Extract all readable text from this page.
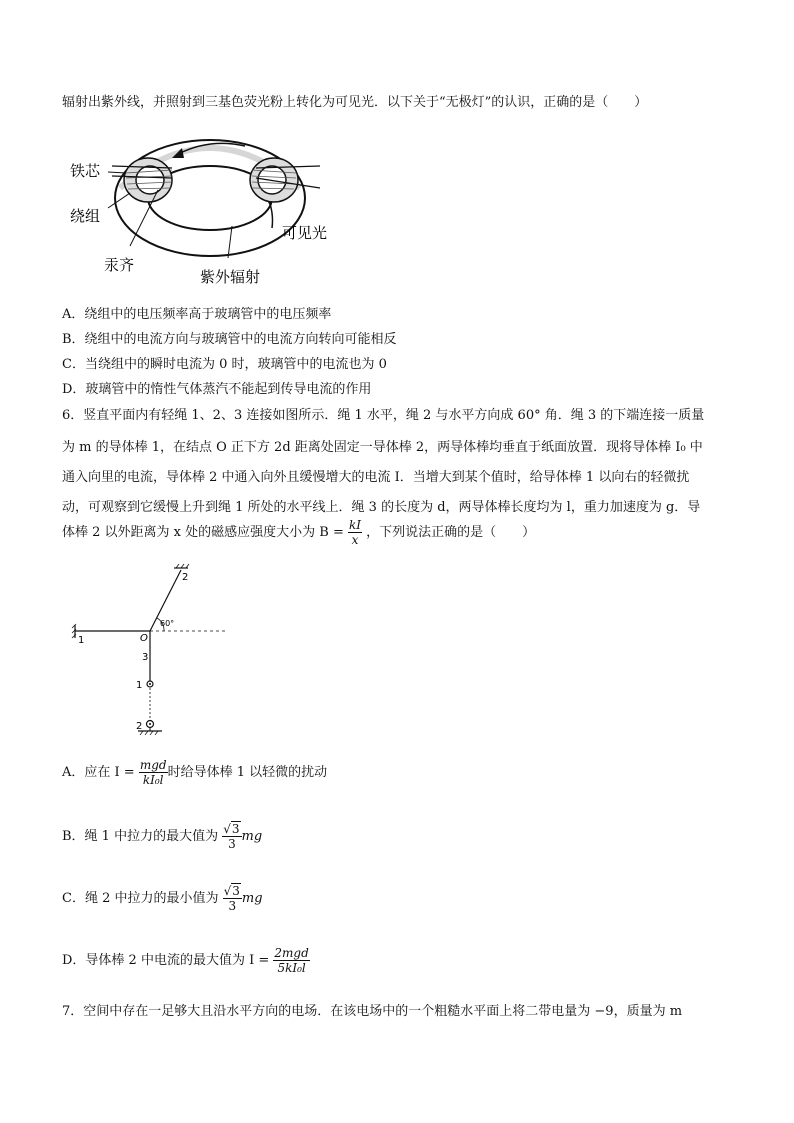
辐射出紫外线，并照射到三基色荧光粉上转化为可见光．以下关于“无极灯”的认识，正确的是（　　）
铁芯
绕组
汞齐
紫外辐射
可见光
A．绕组中的电压频率高于玻璃管中的电压频率
B．绕组中的电流方向与玻璃管中的电流方向转向可能相反
C．当绕组中的瞬时电流为 0 时，玻璃管中的电流也为 0
D．玻璃管中的惰性气体蒸汽不能起到传导电流的作用
6．竖直平面内有轻绳 1、2、3 连接如图所示．绳 1 水平，绳 2 与水平方向成 60° 角．绳 3 的下端连接一质量
为 m 的导体棒 1，在结点 O 正下方 2d 距离处固定一导体棒 2，两导体棒均垂直于纸面放置．现将导体棒 I₀ 中
通入向里的电流，导体棒 2 中通入向外且缓慢增大的电流 I．当增大到某个值时，给导体棒 1 以向右的轻微扰
动，可观察到它缓慢上升到绳 1 所处的水平线上．绳 3 的长度为 d，两导体棒长度均为 l，重力加速度为 g．导
体棒 2 以外距离为 x 处的磁感应强度大小为 $B = \frac{kI}{x}$ ，下列说法正确的是（　　）
1
2
3
60°
O
1
2
A．应在 $I = \frac{\text{mgd}}{\text{kI₀l}}$ 时给导体棒 1 以轻微的扰动
B．绳 1 中拉力的最大值为 $\frac{√3}{3}$ mg
C．绳 2 中拉力的最小值为 $\frac{√3}{3}$ mg
D．导体棒 2 中电流的最大值为 $I = \frac{\text{2mgd}}{\text{5kI₀l}}$
7．空间中存在一足够大且沿水平方向的电场．在该电场中的一个粗糙水平面上将二带电量为 −9，质量为 m
